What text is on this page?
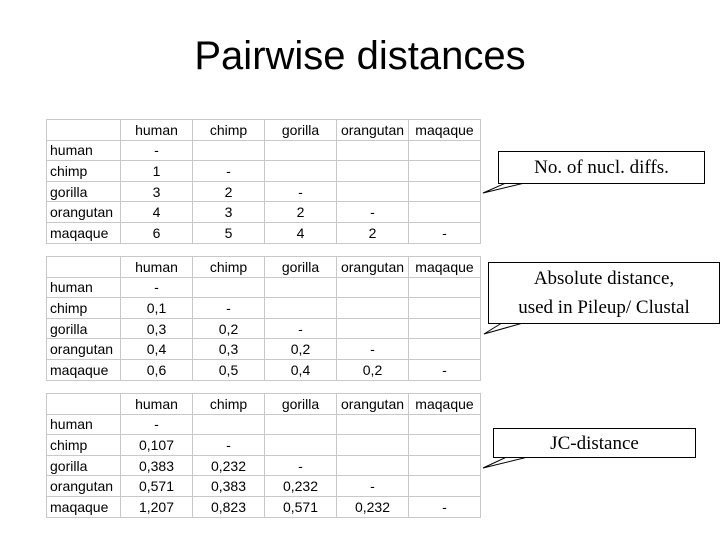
Pairwise distances
	human	chimp	gorilla	orangutan	maqaque
human	-				
chimp	1	-			
gorilla	3	2	-		
orangutan	4	3	2	-	
maqaque	6	5	4	2	-
	human	chimp	gorilla	orangutan	maqaque
human	-				
chimp	0,1	-			
gorilla	0,3	0,2	-		
orangutan	0,4	0,3	0,2	-	
maqaque	0,6	0,5	0,4	0,2	-
	human	chimp	gorilla	orangutan	maqaque
human	-				
chimp	0,107	-			
gorilla	0,383	0,232	-		
orangutan	0,571	0,383	0,232	-	
maqaque	1,207	0,823	0,571	0,232	-
No. of nucl. diffs.
Absolute distance,
used in Pileup/ Clustal
JC-distance
